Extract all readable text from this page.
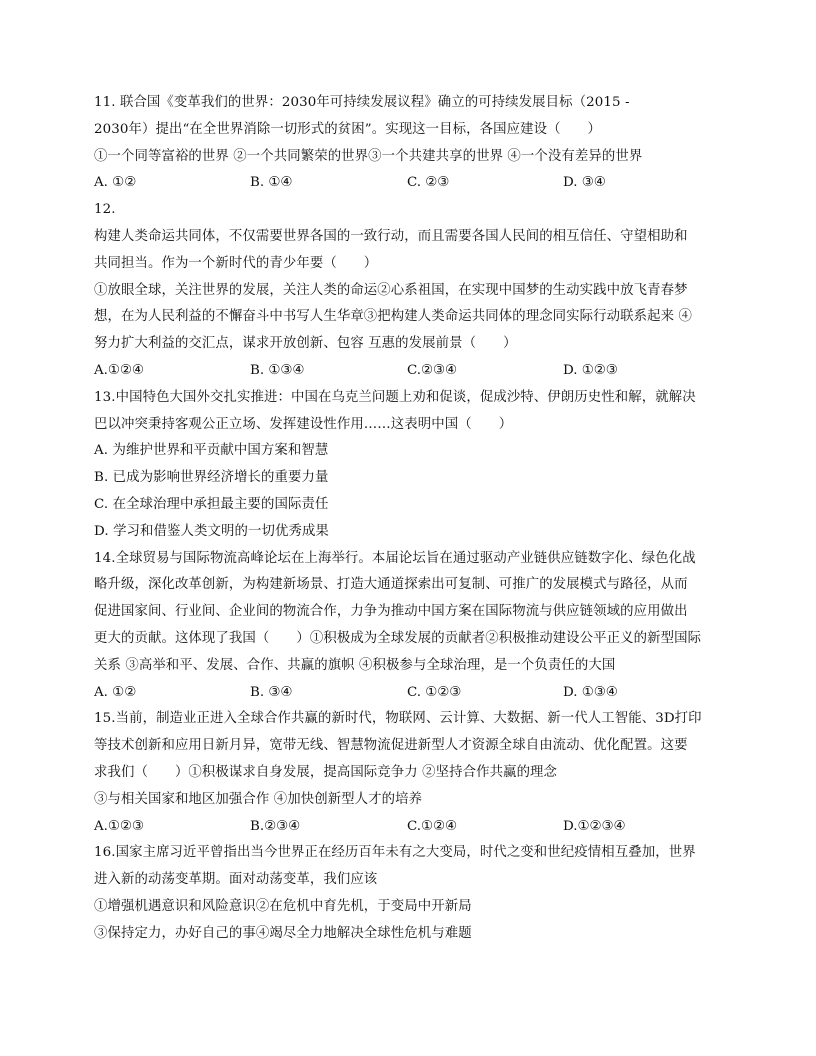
11. 联合国《变革我们的世界：2030年可持续发展议程》确立的可持续发展目标（2015 -
2030年）提出“在全世界消除一切形式的贫困”。实现这一目标，各国应建设（　　）
①一个同等富裕的世界 ②一个共同繁荣的世界③一个共建共享的世界 ④一个没有差异的世界
A. ①②	B. ①④	C. ②③	D. ③④
12.
构建人类命运共同体，不仅需要世界各国的一致行动，而且需要各国人民间的相互信任、守望相助和
共同担当。作为一个新时代的青少年要（　　）
①放眼全球，关注世界的发展，关注人类的命运②心系祖国，在实现中国梦的生动实践中放飞青春梦
想，在为人民利益的不懈奋斗中书写人生华章③把构建人类命运共同体的理念同实际行动联系起来 ④
努力扩大利益的交汇点，谋求开放创新、包容 互惠的发展前景（　　）
A.①②④	B. ①③④	C.②③④	D. ①②③
13.中国特色大国外交扎实推进：中国在乌克兰问题上劝和促谈，促成沙特、伊朗历史性和解，就解决
巴以冲突秉持客观公正立场、发挥建设性作用……这表明中国（　　）
A. 为维护世界和平贡献中国方案和智慧
B. 已成为影响世界经济增长的重要力量
C. 在全球治理中承担最主要的国际责任
D. 学习和借鉴人类文明的一切优秀成果
14.全球贸易与国际物流高峰论坛在上海举行。本届论坛旨在通过驱动产业链供应链数字化、绿色化战
略升级，深化改革创新，为构建新场景、打造大通道探索出可复制、可推广的发展模式与路径，从而
促进国家间、行业间、企业间的物流合作，力争为推动中国方案在国际物流与供应链领域的应用做出
更大的贡献。这体现了我国（　　）①积极成为全球发展的贡献者②积极推动建设公平正义的新型国际
关系 ③高举和平、发展、合作、共赢的旗帜 ④积极参与全球治理，是一个负责任的大国
A. ①②	B. ③④	C. ①②③	D. ①③④
15.当前，制造业正进入全球合作共赢的新时代，物联网、云计算、大数据、新一代人工智能、3D打印
等技术创新和应用日新月异，宽带无线、智慧物流促进新型人才资源全球自由流动、优化配置。这要
求我们（　　）①积极谋求自身发展，提高国际竞争力 ②坚持合作共赢的理念
③与相关国家和地区加强合作 ④加快创新型人才的培养
A.①②③	B.②③④	C.①②④	D.①②③④
16.国家主席习近平曾指出当今世界正在经历百年未有之大变局，时代之变和世纪疫情相互叠加，世界
进入新的动荡变革期。面对动荡变革，我们应该
①增强机遇意识和风险意识②在危机中育先机，于变局中开新局
③保持定力，办好自己的事④竭尽全力地解决全球性危机与难题
